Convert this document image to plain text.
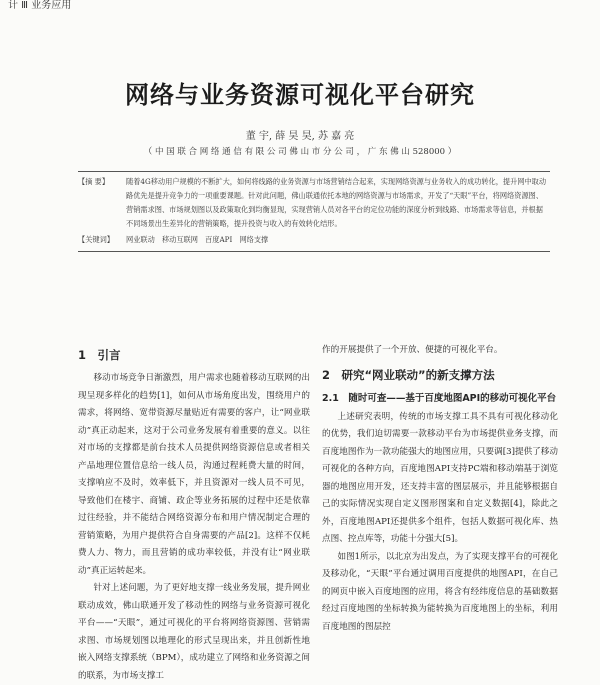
计 Ⅲ 业务应用
网络与业务资源可视化平台研究
董 宇, 薛 昊 昊, 苏 嘉 亮
（ 中 国 联 合 网 络 通 信 有 限 公 司 佛 山 市 分 公 司 ， 广 东 佛 山 528000 ）
【摘 要】	随着4G移动用户规模的不断扩大，如何将线路的业务资源与市场营销结合起来，实现网络资源与业务收入的成功转化，提升网中取动路优先是提升竞争力的一项重要课题。针对此问题，佛山联通依托本地的网络资源与市场需求，开发了“天眼”平台，将网络资源图、营销需求图、市场规划图以及政策取化到均衡显现，实现营销人员对各平台的定位功能的深度分析到线路、市场需求等信息，并根据不同场景出生差异化的营销策略，提升投资与收入的有效转化结形。
【关键词】	网业联动　移动互联网　百度API　网络支撑
1　引言

移动市场竞争日渐激烈，用户需求也随着移动互联网的出现呈现多样化的趋势[1]，如何从市场角度出发，围绕用户的需求，将网络、宽带资源尽量贴近有需要的客户，让“网业联动”真正动起来，这对于公司业务发展有着重要的意义。以往对市场的支撑都是前台技术人员提供网络资源信息或者相关产品地理位置信息给一线人员，沟通过程耗费大量的时间，支撑响应不及时，效率低下，并且资源对一线人员不可见，导致他们在楼宇、商铺、政企等业务拓展的过程中还是依靠过往经验，并不能结合网络资源分布和用户情况制定合理的营销策略，为用户提供符合自身需要的产品[2]。这样不仅耗费人力、物力，而且营销的成功率较低，并没有让“网业联动”真正运转起来。

针对上述问题，为了更好地支撑一线业务发展，提升网业联动成效，佛山联通开发了移动性的网络与业务资源可视化平台——“天眼”，通过可视化的平台将网络资源图、营销需求图、市场规划图以地理化的形式呈现出来，并且创新性地嵌入网络支撑系统（BPM），成功建立了网络和业务资源之间的联系，为市场支撑工

作的开展提供了一个开放、便捷的可视化平台。

2　研究“网业联动”的新支撑方法
2.1　随时可查——基于百度地图API的移动可视化平台

上述研究表明，传统的市场支撑工具不具有可视化移动化的优势，我们迫切需要一款移动平台为市场提供业务支撑，而百度地图作为一款功能强大的地图应用，只要调[3]提供了移动可视化的各种方向，百度地图API支持PC端和移动端基于浏览器的地图应用开发，还支持丰富的图层展示，并且能够根据自己的实际情况实现自定义图形图案和自定义数据[4]，除此之外，百度地图API还提供多个组件，包括人数据可视化库、热点图、控点库等，功能十分强大[5]。

如图1所示，以北京为出发点，为了实现支撑平台的可视化及移动化，“天眼”平台通过调用百度提供的地图API，在自己的网页中嵌入百度地图的应用，将含有经纬度信息的基础数据经过百度地图的坐标转换为能转换为百度地图上的坐标，利用百度地图的图层控
